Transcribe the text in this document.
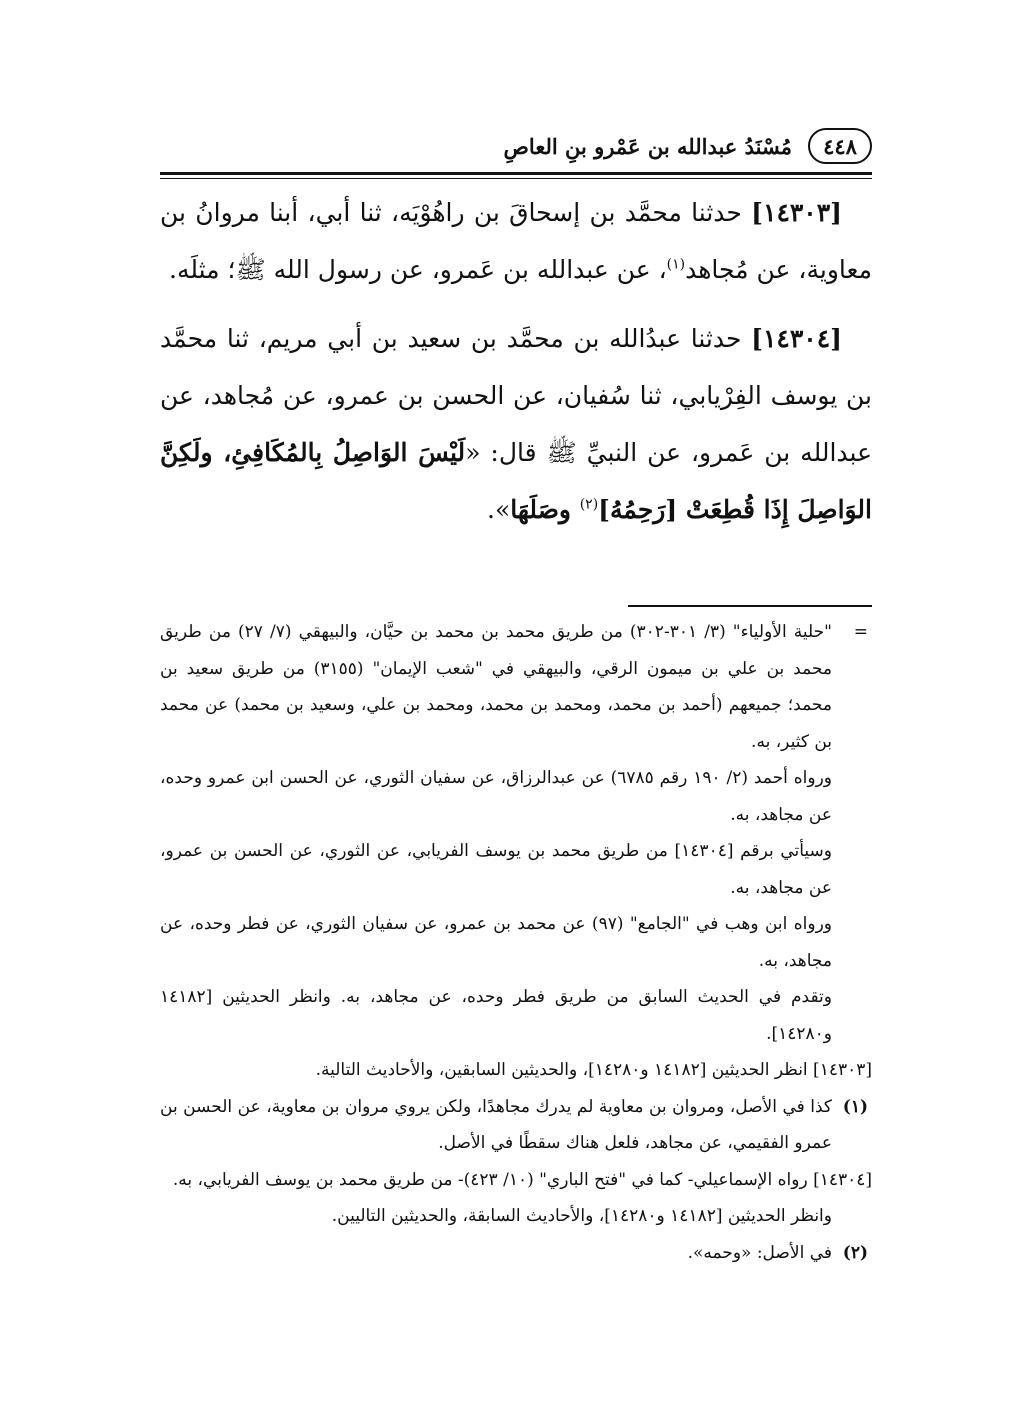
٤٤٨
مُسْنَدُ عبدالله بن عَمْرو بنِ العاصِ

[١٤٣٠٣] حدثنا محمَّد بن إسحاقَ بن راهُوْيَه، ثنا أبي، أبنا مروانُ بن معاوية، عن مُجاهد$^{(١)}$، عن عبدالله بن عَمرو، عن رسول الله ﷺ؛ مثلَه.

[١٤٣٠٤] حدثنا عبدُالله بن محمَّد بن سعيد بن أبي مريم، ثنا محمَّد بن يوسف الفِرْيابي، ثنا سُفيان، عن الحسن بن عمرو، عن مُجاهد، عن عبدالله بن عَمرو، عن النبيِّ ﷺ قال: «لَيْسَ الوَاصِلُ بِالمُكَافِئِ، ولَكِنَّ الوَاصِلَ إِذَا قُطِعَتْ [رَحِمُهُ]$^{(٢)}$ وصَلَهَا».

=
"حلية الأولياء" (٣/ ٣٠١-٣٠٢) من طريق محمد بن محمد بن حيَّان، والبيهقي (٧/ ٢٧) من طريق محمد بن علي بن ميمون الرقي، والبيهقي في "شعب الإيمان" (٣١٥٥) من طريق سعيد بن محمد؛ جميعهم (أحمد بن محمد، ومحمد بن محمد، ومحمد بن علي، وسعيد بن محمد) عن محمد بن كثير، به.
ورواه أحمد (٢/ ١٩٠ رقم ٦٧٨٥) عن عبدالرزاق، عن سفيان الثوري، عن الحسن ابن عمرو وحده، عن مجاهد، به.
وسيأتي برقم [١٤٣٠٤] من طريق محمد بن يوسف الفريابي، عن الثوري، عن الحسن بن عمرو، عن مجاهد، به.
ورواه ابن وهب في "الجامع" (٩٧) عن محمد بن عمرو، عن سفيان الثوري، عن فطر وحده، عن مجاهد، به.
وتقدم في الحديث السابق من طريق فطر وحده، عن مجاهد، به. وانظر الحديثين [١٤١٨٢ و١٤٢٨٠].
[١٤٣٠٣] انظر الحديثين [١٤١٨٢ و١٤٢٨٠]، والحديثين السابقين، والأحاديث التالية.
(١)
كذا في الأصل، ومروان بن معاوية لم يدرك مجاهدًا، ولكن يروي مروان بن معاوية، عن الحسن بن عمرو الفقيمي، عن مجاهد، فلعل هناك سقطًا في الأصل.
[١٤٣٠٤] رواه الإسماعيلي- كما في "فتح الباري" (١٠/ ٤٢٣)- من طريق محمد بن يوسف الفريابي، به.
وانظر الحديثين [١٤١٨٢ و١٤٢٨٠]، والأحاديث السابقة، والحديثين التاليين.
(٢)
في الأصل: «وحمه».
